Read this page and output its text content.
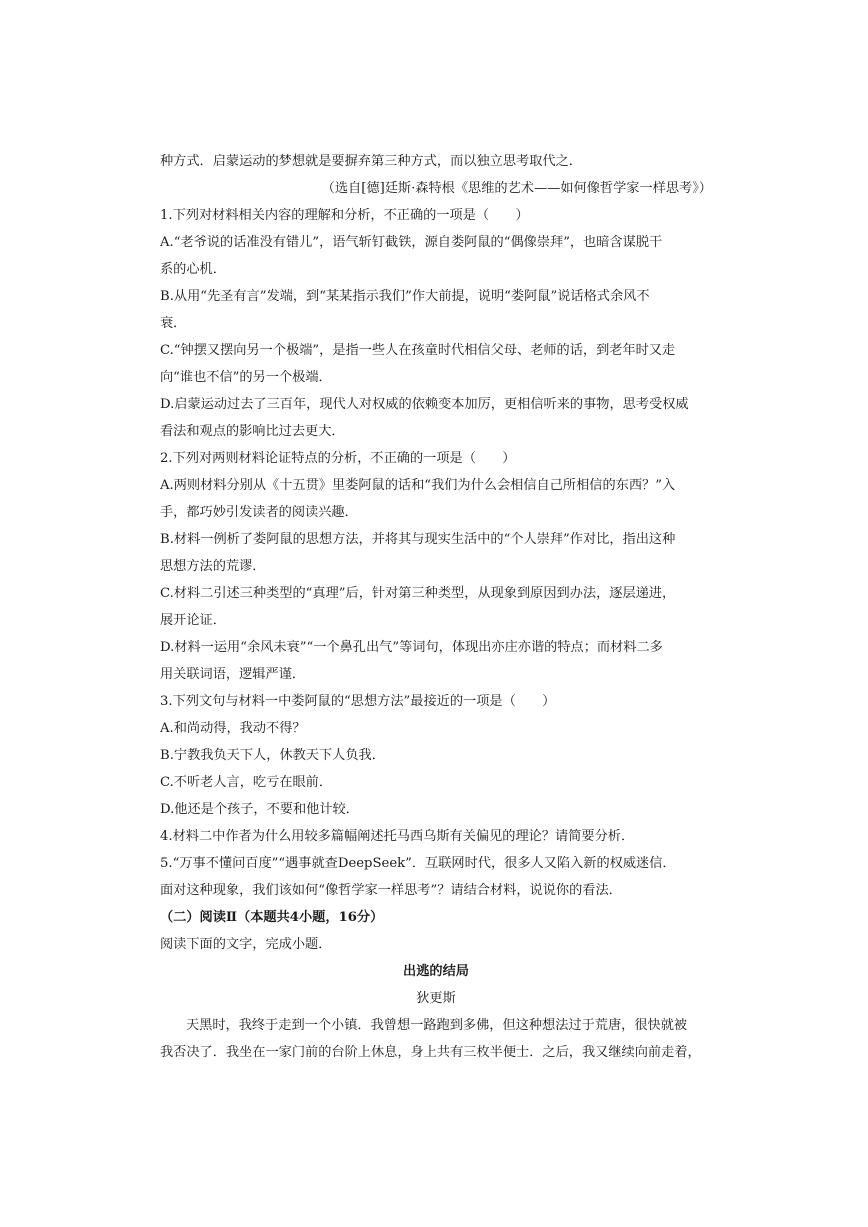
种方式．启蒙运动的梦想就是要摒弃第三种方式，而以独立思考取代之．
（选自[德]廷斯·森特根《思维的艺术——如何像哲学家一样思考》）
1.下列对材料相关内容的理解和分析，不正确的一项是（　　）
A.“老爷说的话准没有错儿”，语气斩钉截铁，源自娄阿鼠的“偶像崇拜”，也暗含谋脱干
系的心机．
B.从用“先圣有言”发端，到“某某指示我们”作大前提，说明“娄阿鼠”说话格式余风不
衰．
C.“钟摆又摆向另一个极端”，是指一些人在孩童时代相信父母、老师的话，到老年时又走
向“谁也不信”的另一个极端．
D.启蒙运动过去了三百年，现代人对权威的依赖变本加厉，更相信听来的事物，思考受权威
看法和观点的影响比过去更大．
2.下列对两则材料论证特点的分析，不正确的一项是（　　）
A.两则材料分别从《十五贯》里娄阿鼠的话和“我们为什么会相信自己所相信的东西？”入
手，都巧妙引发读者的阅读兴趣．
B.材料一例析了娄阿鼠的思想方法，并将其与现实生活中的“个人崇拜”作对比，指出这种
思想方法的荒谬．
C.材料二引述三种类型的“真理”后，针对第三种类型，从现象到原因到办法，逐层递进，
展开论证．
D.材料一运用“余风未衰”“一个鼻孔出气”等词句，体现出亦庄亦谐的特点；而材料二多
用关联词语，逻辑严谨．
3.下列文句与材料一中娄阿鼠的“思想方法”最接近的一项是（　　）
A.和尚动得，我动不得？
B.宁教我负天下人，休教天下人负我．
C.不听老人言，吃亏在眼前．
D.他还是个孩子，不要和他计较．
4.材料二中作者为什么用较多篇幅阐述托马西乌斯有关偏见的理论？请简要分析．
5.“万事不懂问百度”“遇事就查DeepSeek”．互联网时代，很多人又陷入新的权威迷信．
面对这种现象，我们该如何“像哲学家一样思考”？请结合材料，说说你的看法．
（二）阅读Ⅱ（本题共4小题，16分）
阅读下面的文字，完成小题．
出逃的结局
狄更斯
天黑时，我终于走到一个小镇．我曾想一路跑到多佛，但这种想法过于荒唐，很快就被
我否决了．我坐在一家门前的台阶上休息，身上共有三枚半便士．之后，我又继续向前走着，
